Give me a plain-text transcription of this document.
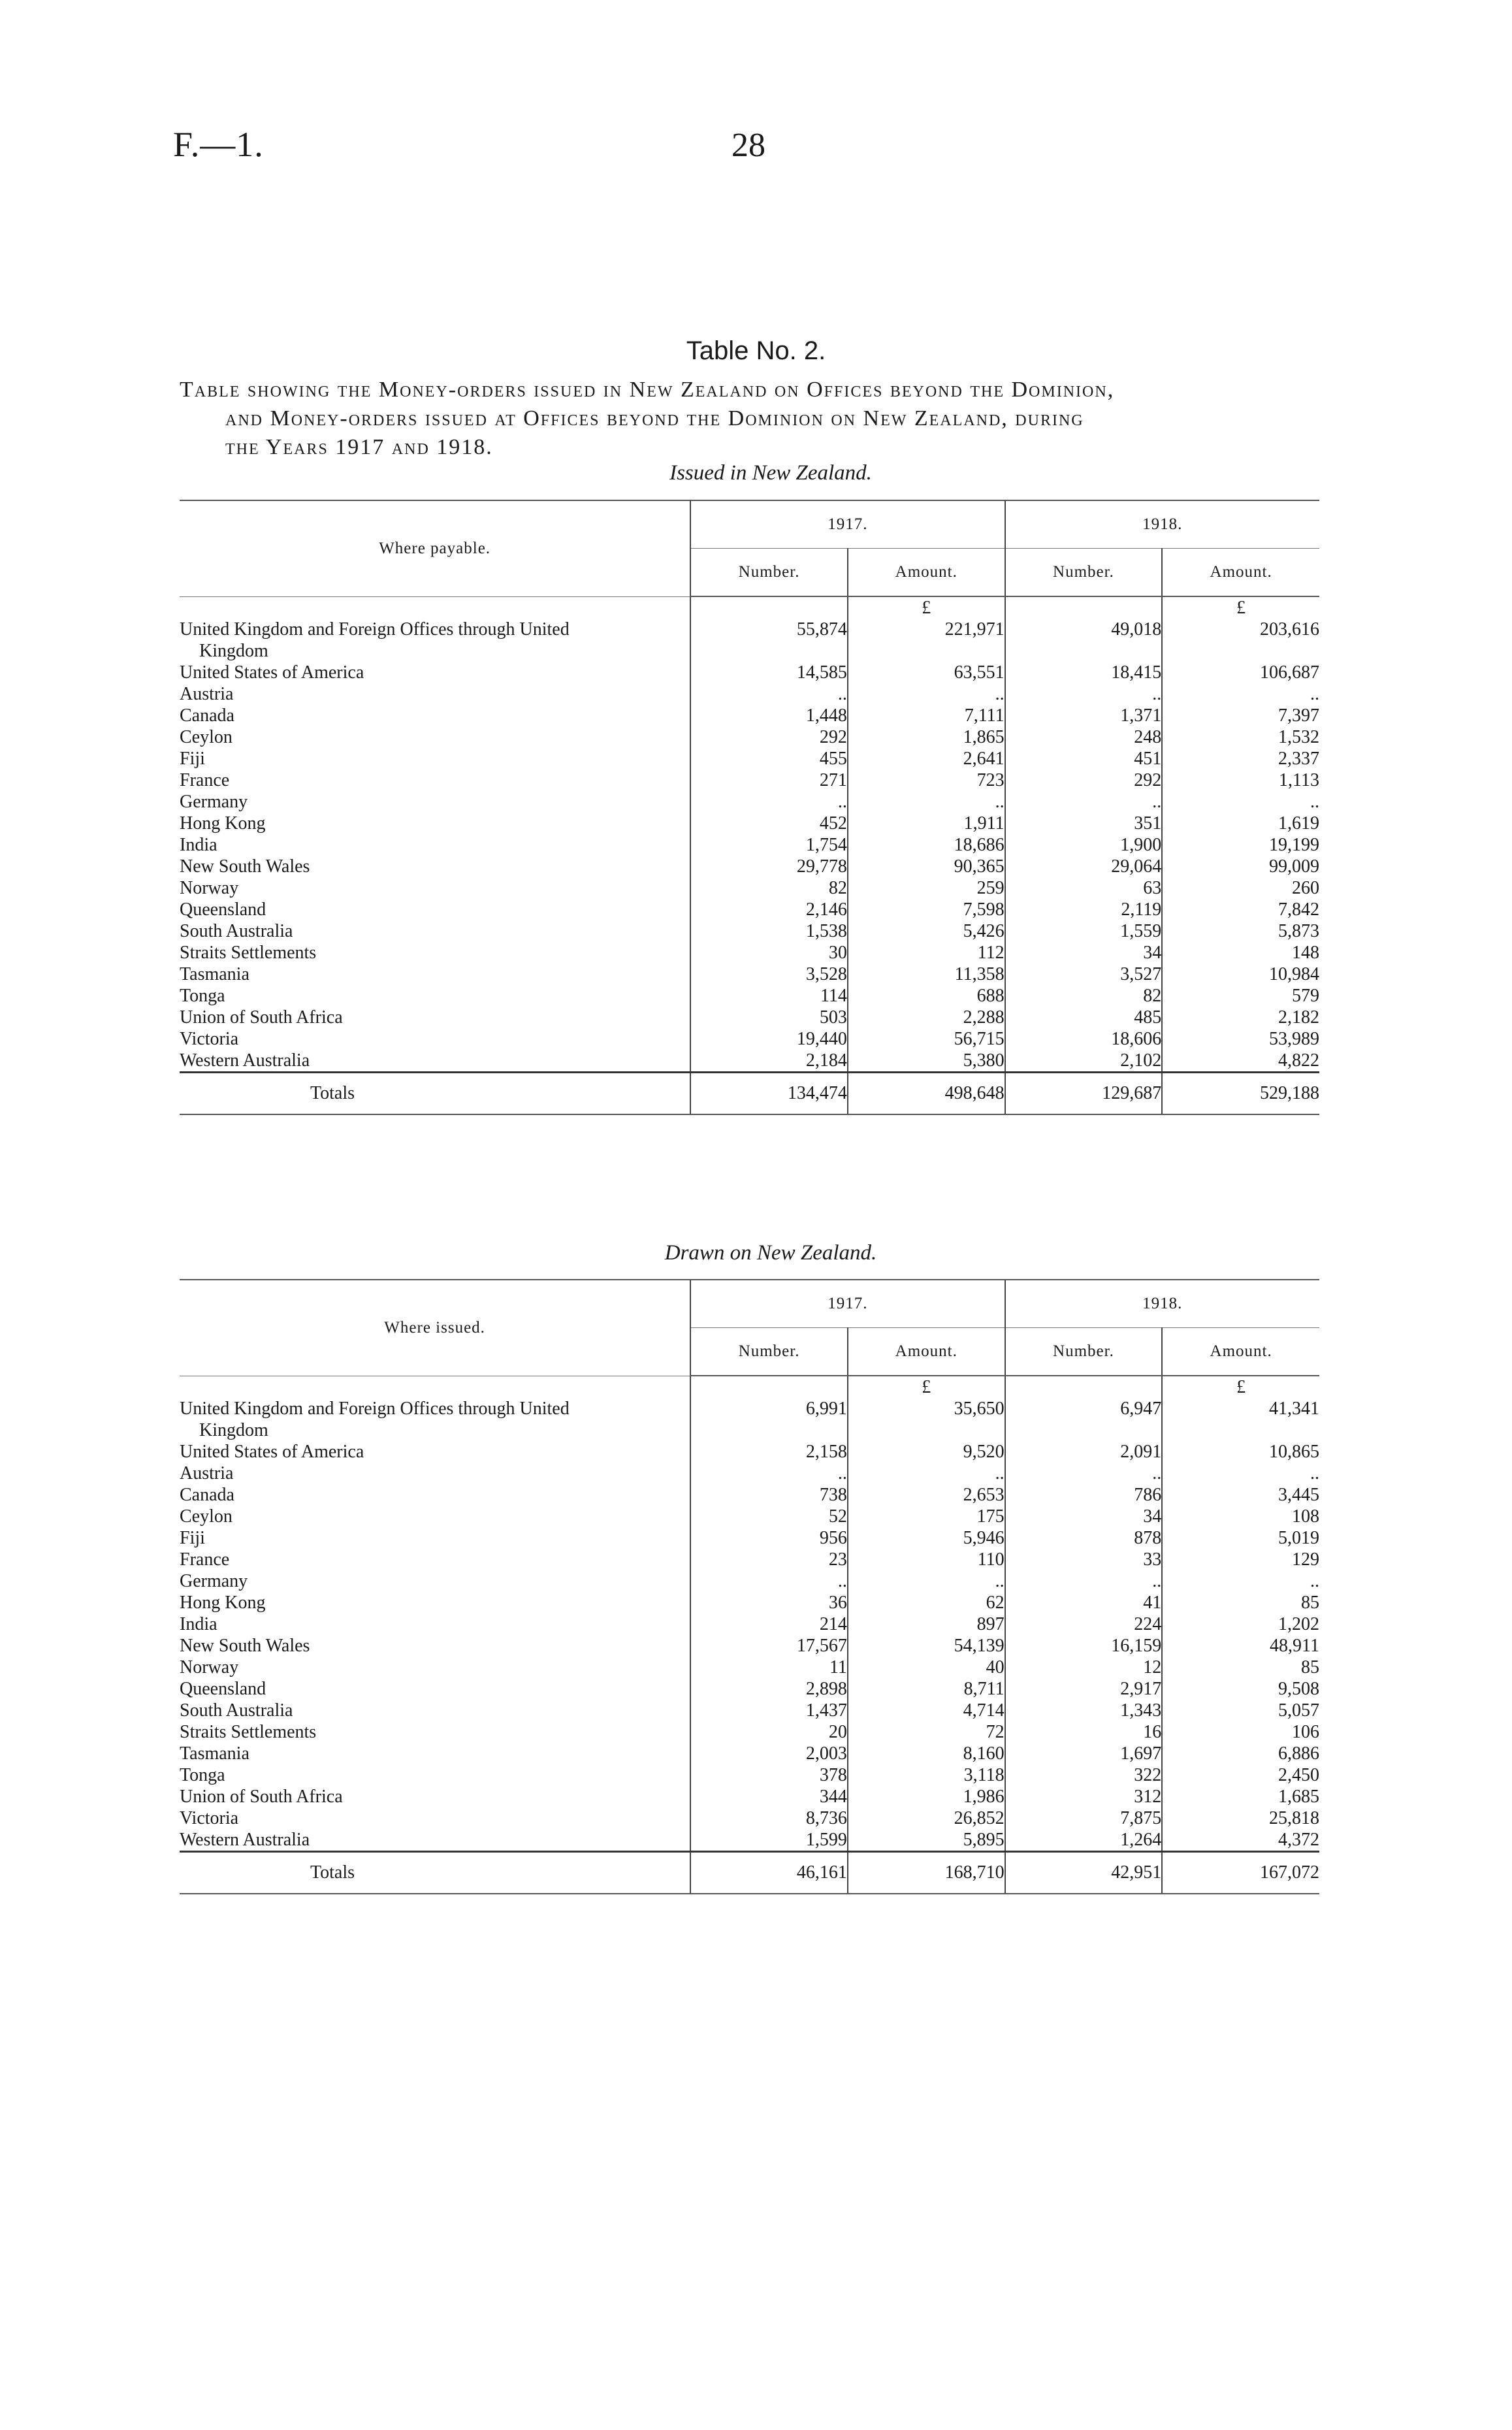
F.—1.	28
Table No. 2.
Table showing the Money-orders issued in New Zealand on Offices beyond the Dominion,
and Money-orders issued at Offices beyond the Dominion on New Zealand, during
the Years 1917 and 1918.
Issued in New Zealand.
Where payable.	1917.		1918.	
	Number.	Amount.	Number.	Amount.
		£		£

United Kingdom and Foreign Offices through United
Kingdom	55,874	221,971	49,018	203,616
United States of America	14,585	63,551	18,415	106,687
Austria	..	..	..	..
Canada	1,448	7,111	1,371	7,397
Ceylon	292	1,865	248	1,532
Fiji	455	2,641	451	2,337
France	271	723	292	1,113
Germany	..	..	..	..
Hong Kong	452	1,911	351	1,619
India	1,754	18,686	1,900	19,199
New South Wales	29,778	90,365	29,064	99,009
Norway	82	259	63	260
Queensland	2,146	7,598	2,119	7,842
South Australia	1,538	5,426	1,559	5,873
Straits Settlements	30	112	34	148
Tasmania	3,528	11,358	3,527	10,984
Tonga	114	688	82	579
Union of South Africa	503	2,288	485	2,182
Victoria	19,440	56,715	18,606	53,989
Western Australia	2,184	5,380	2,102	4,822
Totals	134,474	498,648	129,687	529,188
Drawn on New Zealand.
Where issued.	1917.		1918.	
	Number.	Amount.	Number.	Amount.
		£		£

United Kingdom and Foreign Offices through United
Kingdom	6,991	35,650	6,947	41,341
United States of America	2,158	9,520	2,091	10,865
Austria	..	..	..	..
Canada	738	2,653	786	3,445
Ceylon	52	175	34	108
Fiji	956	5,946	878	5,019
France	23	110	33	129
Germany	..	..	..	..
Hong Kong	36	62	41	85
India	214	897	224	1,202
New South Wales	17,567	54,139	16,159	48,911
Norway	11	40	12	85
Queensland	2,898	8,711	2,917	9,508
South Australia	1,437	4,714	1,343	5,057
Straits Settlements	20	72	16	106
Tasmania	2,003	8,160	1,697	6,886
Tonga	378	3,118	322	2,450
Union of South Africa	344	1,986	312	1,685
Victoria	8,736	26,852	7,875	25,818
Western Australia	1,599	5,895	1,264	4,372
Totals	46,161	168,710	42,951	167,072
